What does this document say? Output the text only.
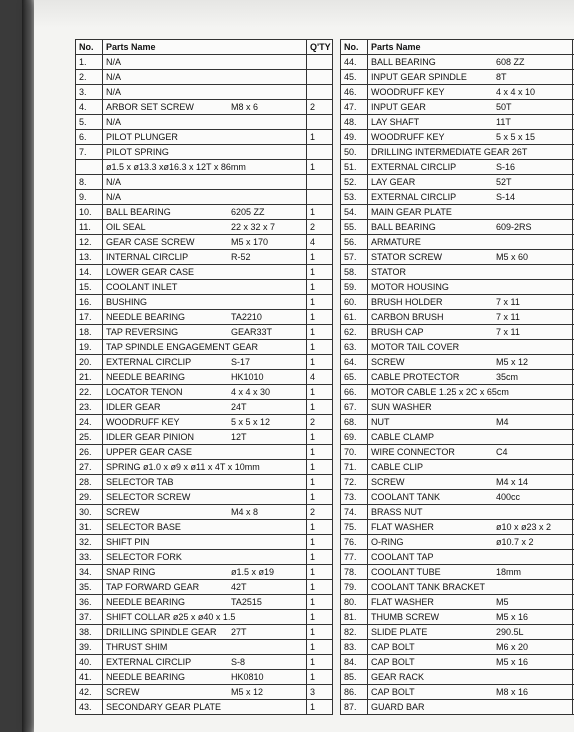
No.	Parts Name	Q'TY
1.	N/A

2.	N/A

3.	N/A

4.	ARBOR SET SCREW M8 x 6	2
5.	N/A

6.	PILOT PLUNGER	1
7.	PILOT SPRING

	ø1.5 x ø13.3 xø16.3 x 12T x 86mm	1
8.	N/A

9.	N/A

10.	BALL BEARING 6205 ZZ	1
11.	OIL SEAL 22 x 32 x 7	2
12.	GEAR CASE SCREW M5 x 170	4
13.	INTERNAL CIRCLIP R-52	1
14.	LOWER GEAR CASE	1
15.	COOLANT INLET	1
16.	BUSHING	1
17.	NEEDLE BEARING TA2210	1
18.	TAP REVERSING GEAR33T	1
19.	TAP SPINDLE ENGAGEMENT GEAR	1
20.	EXTERNAL CIRCLIP S-17	1
21.	NEEDLE BEARING HK1010	4
22.	LOCATOR TENON 4 x 4 x 30	1
23.	IDLER GEAR 24T	1
24.	WOODRUFF KEY 5 x 5 x 12	2
25.	IDLER GEAR PINION 12T	1
26.	UPPER GEAR CASE	1
27.	SPRING ø1.0 x ø9 x ø11 x 4T x 10mm	1
28.	SELECTOR TAB	1
29.	SELECTOR SCREW	1
30.	SCREW M4 x 8	2
31.	SELECTOR BASE	1
32.	SHIFT PIN	1
33.	SELECTOR FORK	1
34.	SNAP RING ø1.5 x ø19	1
35.	TAP FORWARD GEAR 42T	1
36.	NEEDLE BEARING TA2515	1
37.	SHIFT COLLAR ø25 x ø40 x 1.5	1
38.	DRILLING SPINDLE GEAR 27T	1
39.	THRUST SHIM	1
40.	EXTERNAL CIRCLIP S-8	1
41.	NEEDLE BEARING HK0810	1
42.	SCREW M5 x 12	3
43.	SECONDARY GEAR PLATE	1
No.	Parts Name	
44.	BALL BEARING 608 ZZ	

45.	INPUT GEAR SPINDLE 8T	

46.	WOODRUFF KEY 4 x 4 x 10	

47.	INPUT GEAR 50T	

48.	LAY SHAFT 11T	

49.	WOODRUFF KEY 5 x 5 x 15	

50.	DRILLING INTERMEDIATE GEAR 26T

51.	EXTERNAL CIRCLIP S-16	

52.	LAY GEAR 52T	

53.	EXTERNAL CIRCLIP S-14	

54.	MAIN GEAR PLATE

55.	BALL BEARING 609-2RS	

56.	ARMATURE

57.	STATOR SCREW M5 x 60	

58.	STATOR

59.	MOTOR HOUSING

60.	BRUSH HOLDER 7 x 11	

61.	CARBON BRUSH 7 x 11	

62.	BRUSH CAP 7 x 11	

63.	MOTOR TAIL COVER

64.	SCREW M5 x 12	

65.	CABLE PROTECTOR 35cm	

66.	MOTOR CABLE 1.25 x 2C x 65cm

67.	SUN WASHER

68.	NUT M4	

69.	CABLE CLAMP

70.	WIRE CONNECTOR C4	

71.	CABLE CLIP

72.	SCREW M4 x 14	

73.	COOLANT TANK 400cc	

74.	BRASS NUT

75.	FLAT WASHER ø10 x ø23 x 2	

76.	O-RING ø10.7 x 2	

77.	COOLANT TAP

78.	COOLANT TUBE 18mm	

79.	COOLANT TANK BRACKET

80.	FLAT WASHER M5	

81.	THUMB SCREW M5 x 16	

82.	SLIDE PLATE 290.5L	

83.	CAP BOLT M6 x 20	

84.	CAP BOLT M5 x 16	

85.	GEAR RACK

86.	CAP BOLT M8 x 16	

87.	GUARD BAR
